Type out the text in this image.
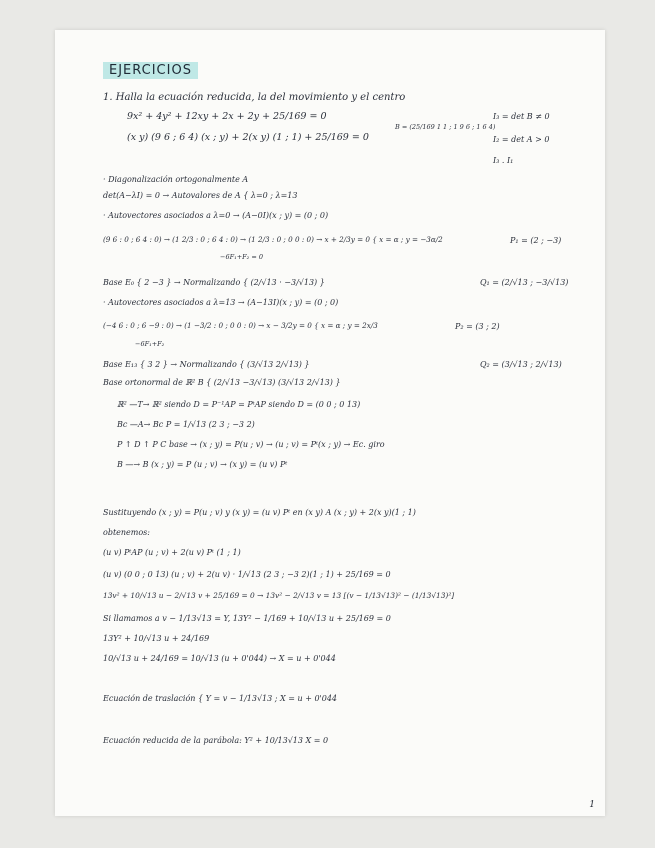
EJERCICIOS
1. Halla la ecuación reducida, la del movimiento y el centro
9x² + 4y² + 12xy + 2x + 2y + 25/169 = 0	I₃ = det B ≠ 0
(x y) (9 6 ; 6 4) (x ; y) + 2(x y) (1 ; 1) + 25/169 = 0
B = (25/169 1 1 ; 1 9 6 ; 1 6 4)
I₂ = det A > 0
I₃ . I₁
· Diagonalización ortogonalmente A
det(A−λI) = 0 → Autovalores de A { λ=0 ; λ=13
· Autovectores asociados a λ=0 → (A−0I)(x ; y) = (0 ; 0)
(9 6 : 0 ; 6 4 : 0) → (1 2/3 : 0 ; 6 4 : 0) → (1 2/3 : 0 ; 0 0 : 0) → x + 2/3y = 0 { x = α ; y = −3α/2	P₁ = (2 ; −3)
−6F₁+F₂ = 0
Base E₀ { 2 −3 } → Normalizando { (2/√13 · −3/√13) }	Q₁ = (2/√13 ; −3/√13)
· Autovectores asociados a λ=13 → (A−13I)(x ; y) = (0 ; 0)
(−4 6 : 0 ; 6 −9 : 0) → (1 −3/2 : 0 ; 0 0 : 0) → x − 3/2y = 0 { x = α ; y = 2x/3	P₂ = (3 ; 2)
−6F₁+F₂
Base E₁₃ { 3 2 } → Normalizando { (3/√13 2/√13) }	Q₂ = (3/√13 ; 2/√13)
Base ortonormal de ℝ² B { (2/√13 −3/√13) (3/√13 2/√13) }
ℝ² —T→ ℝ² siendo D = P⁻¹AP = PᵗAP siendo D = (0 0 ; 0 13)
Bc —A→ Bc P = 1/√13 (2 3 ; −3 2)
P ↑ D ↑ P C base → (x ; y) = P(u ; v) → (u ; v) = Pᵗ(x ; y) → Ec. giro
B —→ B (x ; y) = P (u ; v) → (x y) = (u v) Pᵗ
Sustituyendo (x ; y) = P(u ; v) y (x y) = (u v) Pᵗ en (x y) A (x ; y) + 2(x y)(1 ; 1)
obtenemos:
(u v) PᵗAP (u ; v) + 2(u v) Pᵗ (1 ; 1)
(u v) (0 0 ; 0 13) (u ; v) + 2(u v) · 1/√13 (2 3 ; −3 2)(1 ; 1) + 25/169 = 0
13v² + 10/√13 u − 2/√13 v + 25/169 = 0 → 13v² − 2/√13 v = 13 [(v − 1/13√13)² − (1/13√13)²]
Si llamamos a v − 1/13√13 = Y, 13Y² − 1/169 + 10/√13 u + 25/169 = 0
13Y² + 10/√13 u + 24/169
10/√13 u + 24/169 = 10/√13 (u + 0'044) → X = u + 0'044
Ecuación de traslación { Y = v − 1/13√13 ; X = u + 0'044
Ecuación reducida de la parábola: Y² + 10/13√13 X = 0
1
